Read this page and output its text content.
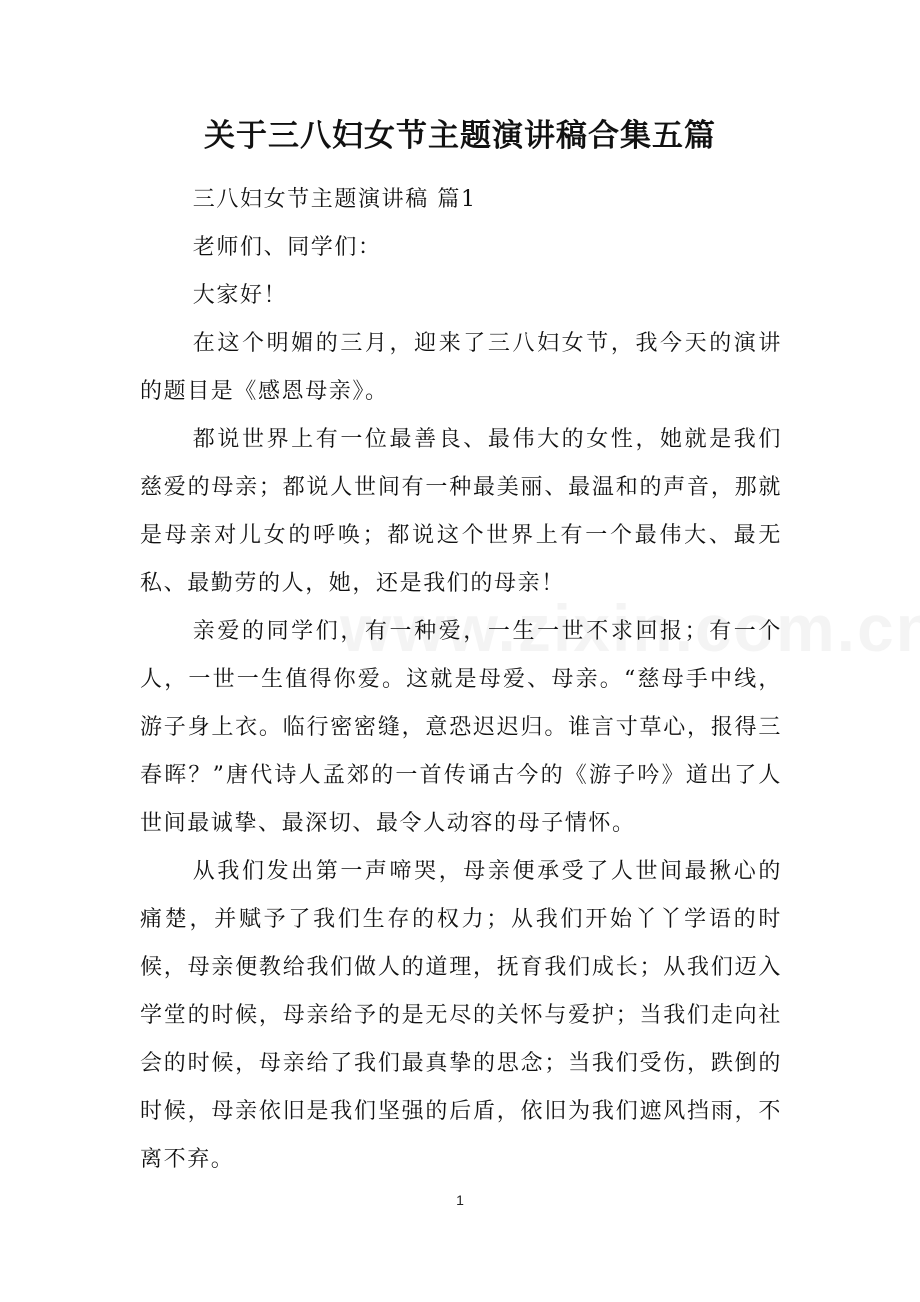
关于三八妇女节主题演讲稿合集五篇

三八妇女节主题演讲稿 篇1

老师们、同学们：

大家好！

在这个明媚的三月，迎来了三八妇女节，我今天的演讲的题目是《感恩母亲》。

都说世界上有一位最善良、最伟大的女性，她就是我们慈爱的母亲；都说人世间有一种最美丽、最温和的声音，那就是母亲对儿女的呼唤；都说这个世界上有一个最伟大、最无私、最勤劳的人，她，还是我们的母亲！

亲爱的同学们，有一种爱，一生一世不求回报；有一个人，一世一生值得你爱。这就是母爱、母亲。“慈母手中线，游子身上衣。临行密密缝，意恐迟迟归。谁言寸草心，报得三春晖？”唐代诗人孟郊的一首传诵古今的《游子吟》道出了人世间最诚挚、最深切、最令人动容的母子情怀。

从我们发出第一声啼哭，母亲便承受了人世间最揪心的痛楚，并赋予了我们生存的权力；从我们开始丫丫学语的时候，母亲便教给我们做人的道理，抚育我们成长；从我们迈入学堂的时候，母亲给予的是无尽的关怀与爱护；当我们走向社会的时候，母亲给了我们最真挚的思念；当我们受伤，跌倒的时候，母亲依旧是我们坚强的后盾，依旧为我们遮风挡雨，不离不弃。

1
